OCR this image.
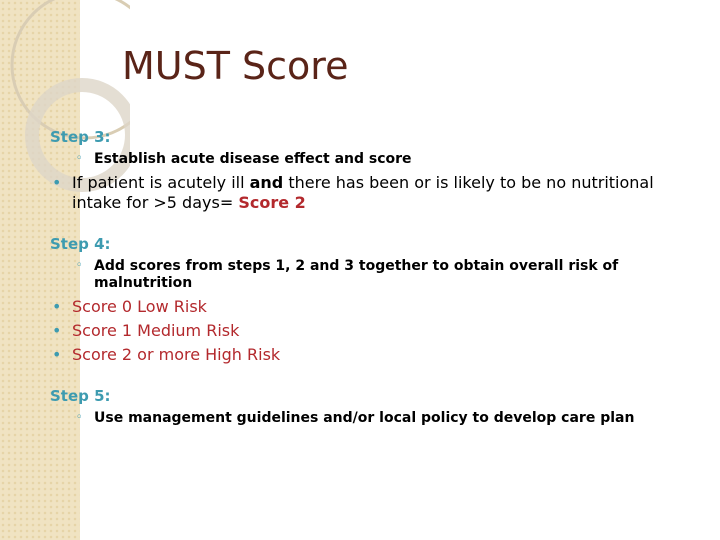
MUST Score

Step 3:

◦ Establish acute disease effect and score
• If patient is acutely ill and there has been or is likely to be no nutritional intake for >5 days= Score 2

Step 4:

◦ Add scores from steps 1, 2 and 3 together to obtain overall risk of malnutrition
• Score 0 Low Risk
• Score 1 Medium Risk
• Score 2 or more High Risk

Step 5:

◦ Use management guidelines and/or local policy to develop care plan
